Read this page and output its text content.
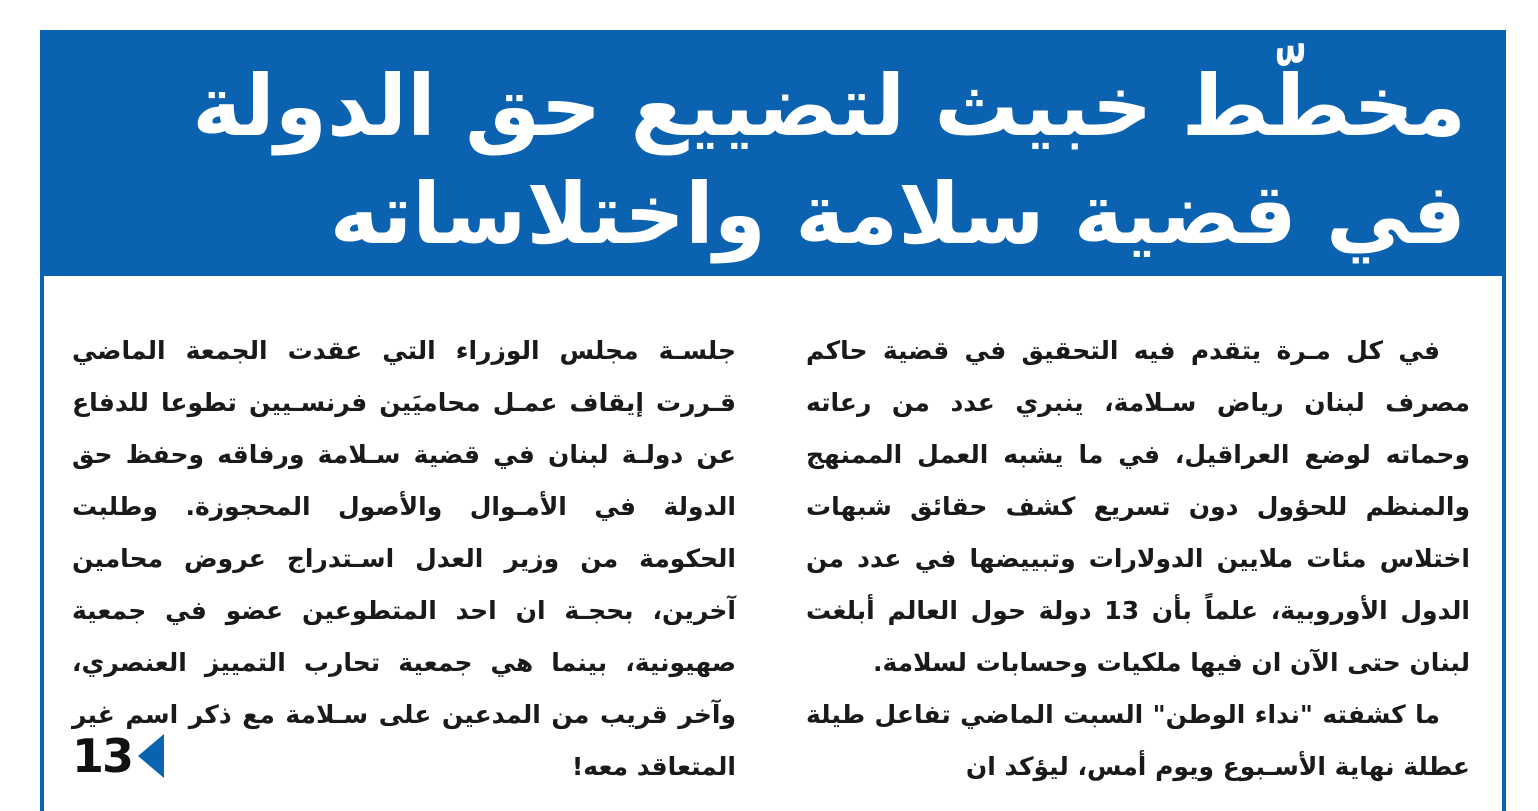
مخطّط خبيث لتضييع حق الدولة
في قضية سلامة واختلاساته

في كل مـرة يتقدم فيه التحقيق في قضية حاكم مصرف لبنان رياض سـلامة، ينبري عدد من رعاته وحماته لوضع العراقيل، في ما يشبه العمل الممنهج والمنظم للحؤول دون تسريع كشف حقائق شبهات اختلاس مئات ملايين الدولارات وتبييضها في عدد من الدول الأوروبية، علماً بأن 13 دولة حول العالم أبلغت لبنان حتى الآن ان فيها ملكيات وحسابات لسلامة.

ما كشفته "نداء الوطن" السبت الماضي تفاعل طيلة عطلة نهاية الأسـبوع ويوم أمس، ليؤكد ان

جلسـة مجلس الوزراء التي عقدت الجمعة الماضي قـررت إيقاف عمـل محاميَين فرنسـيين تطوعا للدفاع عن دولـة لبنان في قضية سـلامة ورفاقه وحفظ حق الدولة في الأمـوال والأصول المحجوزة. وطلبت الحكومة من وزير العدل اسـتدراج عروض محامين آخرين، بحجـة ان احد المتطوعين عضو في جمعية صهيونية، بينما هي جمعية تحارب التمييز العنصري، وآخر قريب من المدعين على سـلامة مع ذكر اسم غير المتعاقد معه!

13
